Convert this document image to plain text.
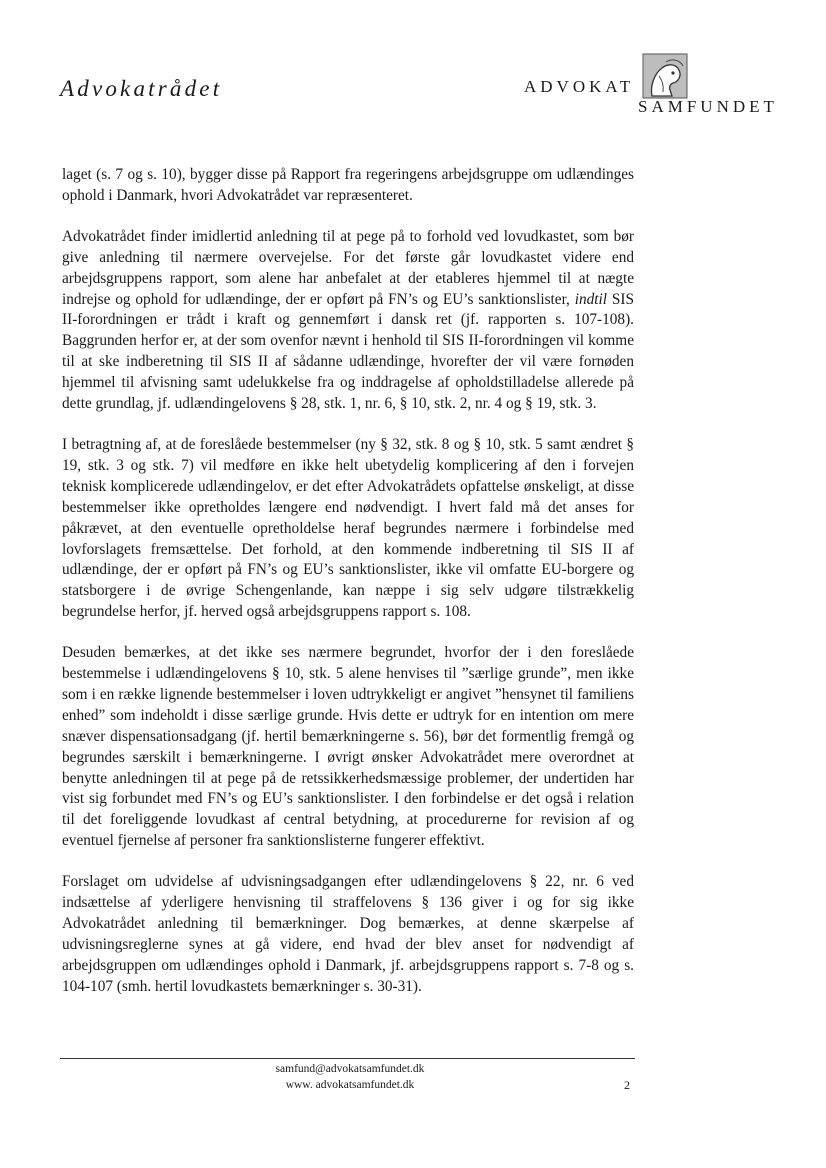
Advokatrådet	ADVOKAT
SAMFUNDET

laget (s. 7 og s. 10), bygger disse på Rapport fra regeringens arbejdsgruppe om udlændinges ophold i Danmark, hvori Advokatrådet var repræsenteret.

Advokatrådet finder imidlertid anledning til at pege på to forhold ved lovudkastet, som bør give anledning til nærmere overvejelse. For det første går lovudkastet videre end arbejdsgruppens rapport, som alene har anbefalet at der etableres hjemmel til at nægte indrejse og ophold for udlændinge, der er opført på FN’s og EU’s sanktionslister, indtil SIS II-forordningen er trådt i kraft og gennemført i dansk ret (jf. rapporten s. 107-108). Baggrunden herfor er, at der som ovenfor nævnt i henhold til SIS II-forordningen vil komme til at ske indberetning til SIS II af sådanne udlændinge, hvorefter der vil være fornøden hjemmel til afvisning samt udelukkelse fra og inddragelse af opholdstilladelse allerede på dette grundlag, jf. udlændingelovens § 28, stk. 1, nr. 6, § 10, stk. 2, nr. 4 og § 19, stk. 3.

I betragtning af, at de foreslåede bestemmelser (ny § 32, stk. 8 og § 10, stk. 5 samt ændret § 19, stk. 3 og stk. 7) vil medføre en ikke helt ubetydelig komplicering af den i forvejen teknisk komplicerede udlændingelov, er det efter Advokatrådets opfattelse ønskeligt, at disse bestemmelser ikke opretholdes længere end nødvendigt. I hvert fald må det anses for påkrævet, at den eventuelle opretholdelse heraf begrundes nærmere i forbindelse med lovforslagets fremsættelse. Det forhold, at den kommende indberetning til SIS II af udlændinge, der er opført på FN’s og EU’s sanktionslister, ikke vil omfatte EU-borgere og statsborgere i de øvrige Schengenlande, kan næppe i sig selv udgøre tilstrækkelig begrundelse herfor, jf. herved også arbejdsgruppens rapport s. 108.

Desuden bemærkes, at det ikke ses nærmere begrundet, hvorfor der i den foreslåede bestemmelse i udlændingelovens § 10, stk. 5 alene henvises til ”særlige grunde”, men ikke som i en række lignende bestemmelser i loven udtrykkeligt er angivet ”hensynet til familiens enhed” som indeholdt i disse særlige grunde. Hvis dette er udtryk for en intention om mere snæver dispensationsadgang (jf. hertil bemærkningerne s. 56), bør det formentlig fremgå og begrundes særskilt i bemærkningerne. I øvrigt ønsker Advokatrådet mere overordnet at benytte anledningen til at pege på de retssikkerhedsmæssige problemer, der undertiden har vist sig forbundet med FN’s og EU’s sanktionslister. I den forbindelse er det også i relation til det foreliggende lovudkast af central betydning, at procedurerne for revision af og eventuel fjernelse af personer fra sanktionslisterne fungerer effektivt.

Forslaget om udvidelse af udvisningsadgangen efter udlændingelovens § 22, nr. 6 ved indsættelse af yderligere henvisning til straffelovens § 136 giver i og for sig ikke Advokatrådet anledning til bemærkninger. Dog bemærkes, at denne skærpelse af udvisningsreglerne synes at gå videre, end hvad der blev anset for nødvendigt af arbejdsgruppen om udlændinges ophold i Danmark, jf. arbejdsgruppens rapport s. 7-8 og s. 104-107 (smh. hertil lovudkastets bemærkninger s. 30-31).

samfund@advokatsamfundet.dk
www. advokatsamfundet.dk	2
